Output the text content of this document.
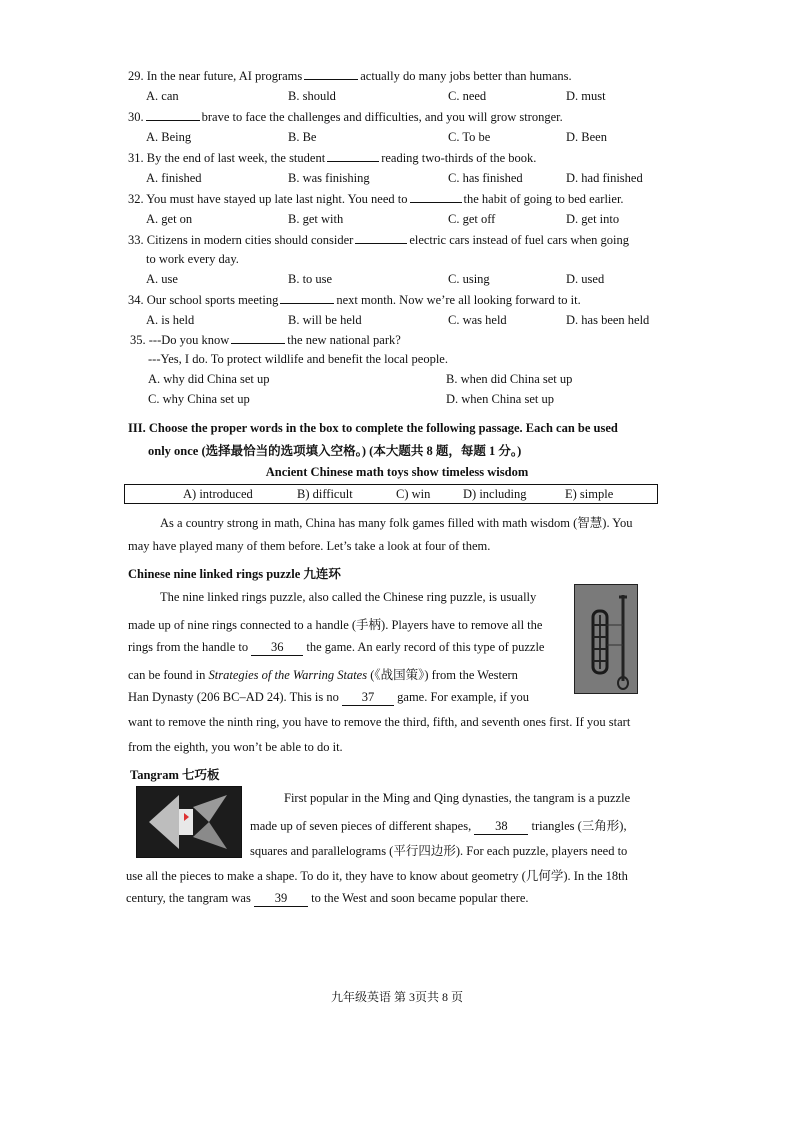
29. In the near future, AI programs	actually do many jobs better than humans.
A. can	B. should	C. need	D. must
30.	brave to face the challenges and difficulties, and you will grow stronger.
A. Being	B. Be	C. To be	D. Been
31. By the end of last week, the student	reading two-thirds of the book.
A. finished	B. was finishing	C. has finished	D. had finished
32. You must have stayed up late last night. You need to	the habit of going to bed earlier.
A. get on	B. get with	C. get off	D. get into
33. Citizens in modern cities should consider	electric cars instead of fuel cars when going
to work every day.
A. use	B. to use	C. using	D. used
34. Our school sports meeting	next month. Now we’re all looking forward to it.
A. is held	B. will be held	C. was held	D. has been held
35. ---Do you know	the new national park?
---Yes, I do. To protect wildlife and benefit the local people.
A. why did China set up	B. when did China set up
C. why China set up	D. when China set up
III. Choose the proper words in the box to complete the following passage. Each can be used
only once (选择最恰当的选项填入空格。) (本大题共 8 题，每题 1 分。)
Ancient Chinese math toys show timeless wisdom
A) introduced	B) difficult	C) win	D) including	E) simple
As a country strong in math, China has many folk games filled with math wisdom (智慧). You
may have played many of them before. Let’s take a look at four of them.
Chinese nine linked rings puzzle 九连环
The nine linked rings puzzle, also called the Chinese ring puzzle, is usually
made up of nine rings connected to a handle (手柄). Players have to remove all the
rings from the handle to 36 the game. An early record of this type of puzzle
can be found in Strategies of the Warring States (《战国策》) from the Western
Han Dynasty (206 BC–AD 24). This is no 37 game. For example, if you
want to remove the ninth ring, you have to remove the third, fifth, and seventh ones first. If you start
from the eighth, you won’t be able to do it.
Tangram 七巧板
First popular in the Ming and Qing dynasties, the tangram is a puzzle
made up of seven pieces of different shapes, 38 triangles (三角形),
squares and parallelograms (平行四边形). For each puzzle, players need to
use all the pieces to make a shape. To do it, they have to know about geometry (几何学). In the 18th
century, the tangram was 39 to the West and soon became popular there.
九年级英语 第 3页共 8 页
